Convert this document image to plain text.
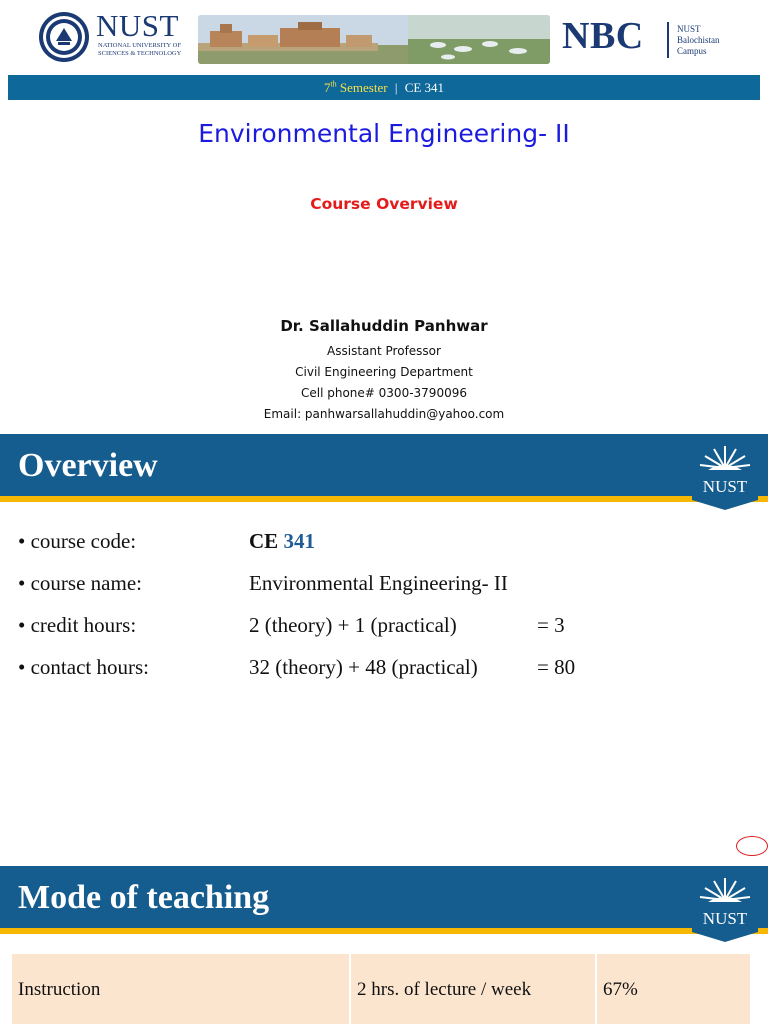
NUST
NATIONAL UNIVERSITY OF
SCIENCES & TECHNOLOGY	NBC	NUST
Balochistan
Campus
7th Semester | CE 341
Environmental Engineering- II
Course Overview
Dr. Sallahuddin Panhwar
Assistant Professor
Civil Engineering Department
Cell phone# 0300-3790096
Email: panhwarsallahuddin@yahoo.com
Overview
NUST
• course code:	CE 341
• course name:	Environmental Engineering- II
• credit hours:	2 (theory) + 1 (practical)	= 3
• contact hours:	32 (theory) + 48 (practical)	= 80
Mode of teaching
NUST
Instruction	2 hrs. of lecture / week	67%
